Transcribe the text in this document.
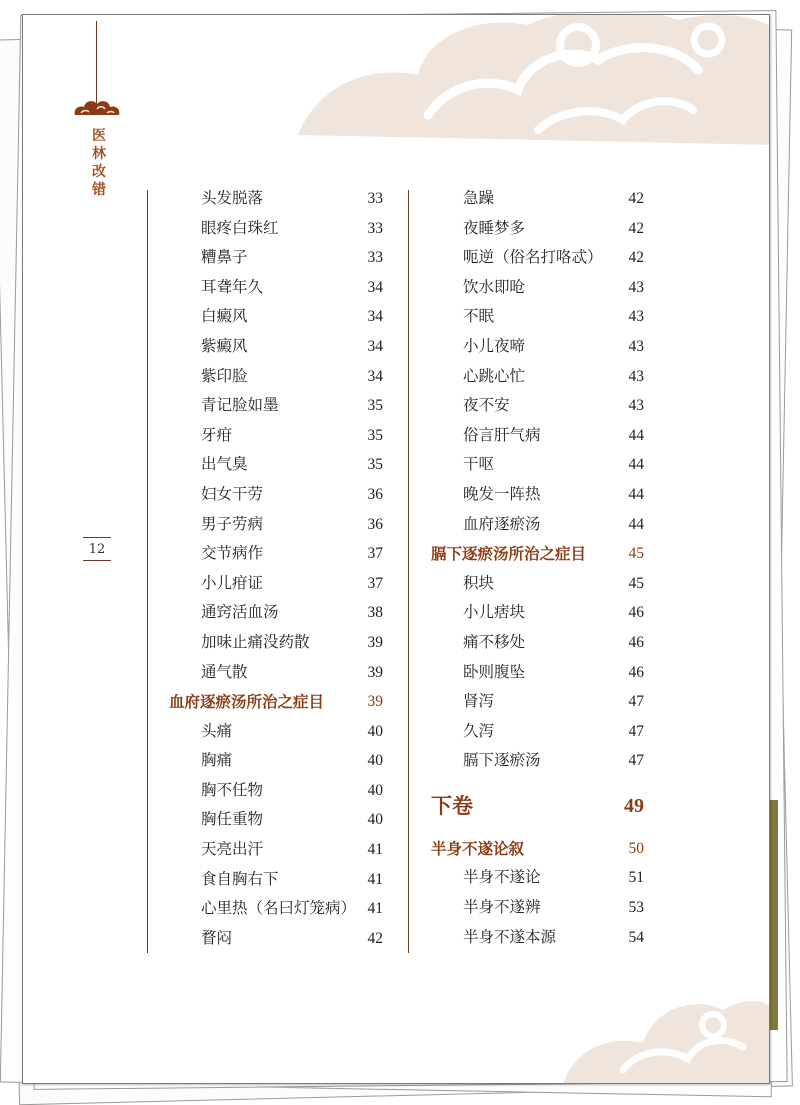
医林改错
12
头发脱落	33
眼疼白珠红	33
糟鼻子	33
耳聋年久	34
白癜风	34
紫癜风	34
紫印脸	34
青记脸如墨	35
牙疳	35
出气臭	35
妇女干劳	36
男子劳病	36
交节病作	37
小儿疳证	37
通窍活血汤	38
加味止痛没药散	39
通气散	39
血府逐瘀汤所治之症目	39
头痛	40
胸痛	40
胸不任物	40
胸任重物	40
天亮出汗	41
食自胸右下	41
心里热（名曰灯笼病） 41
瞀闷	42
急躁	42
夜睡梦多	42
呃逆（俗名打咯忒） 42
饮水即呛	43
不眠	43
小儿夜啼	43
心跳心忙	43
夜不安	43
俗言肝气病	44
干呕	44
晚发一阵热	44
血府逐瘀汤	44
膈下逐瘀汤所治之症目	45
积块	45
小儿痞块	46
痛不移处	46
卧则腹坠	46
肾泻	47
久泻	47
膈下逐瘀汤	47
下卷	49
半身不遂论叙	50
半身不遂论	51
半身不遂辨	53
半身不遂本源	54
